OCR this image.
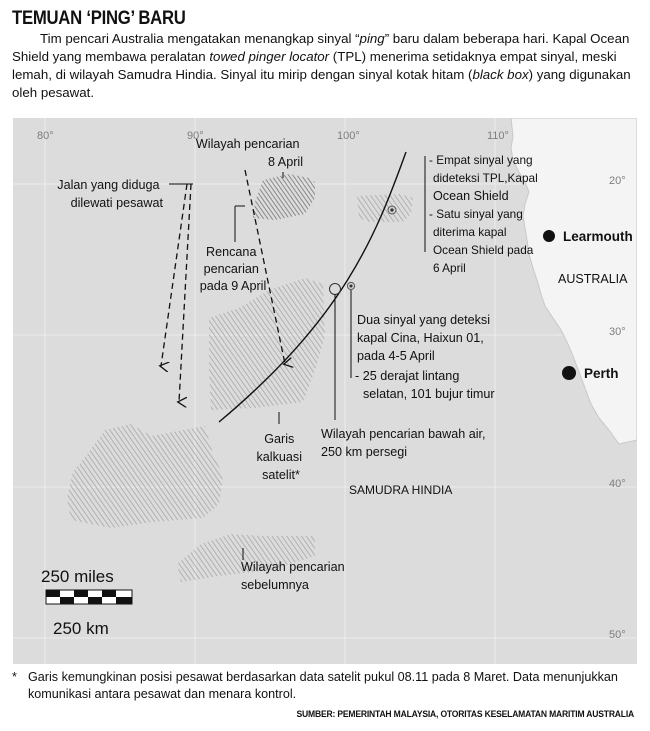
TEMUAN ‘PING’ BARU

Tim pencari Australia mengatakan menangkap sinyal “ping” baru dalam beberapa hari. Kapal Ocean Shield yang membawa peralatan towed pinger locator (TPL) menerima setidaknya empat sinyal, meski lemah, di wilayah Samudra Hindia. Sinyal itu mirip dengan sinyal kotak hitam (black box) yang digunakan oleh pesawat.

80°	90°	100°	110°
20°
30°
40°
50°
Learmouth
Perth
AUSTRALIA
SAMUDRA HINDIA
Wilayah pencarian 8 April
Jalan yang diduga dilewati pesawat
Rencana pencarian pada 9 April
- Empat sinyal yang dideteksi TPL,Kapal Ocean Shield
- Satu sinyal yang diterima kapal Ocean Shield pada 6 April
Dua sinyal yang deteksi kapal Cina, Haixun 01, pada 4-5 April
- 25 derajat lintang selatan, 101 bujur timur
Garis kalkuasi satelit*
Wilayah pencarian bawah air, 250 km persegi
Wilayah pencarian sebelumnya
250 miles
250 km
* Garis kemungkinan posisi pesawat berdasarkan data satelit pukul 08.11 pada 8 Maret. Data menunjukkan komunikasi antara pesawat dan menara kontrol.
SUMBER: PEMERINTAH MALAYSIA, OTORITAS KESELAMATAN MARITIM AUSTRALIA
